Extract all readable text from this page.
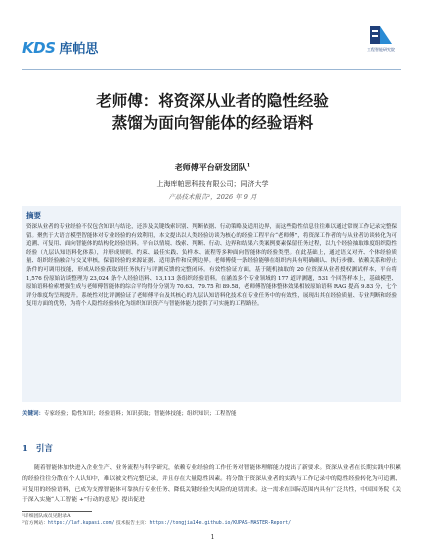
KDS 库帕思	工程智能研究院
老师傅：将资深从业者的隐性经验
蒸馏为面向智能体的经验语料
老师傅平台研发团队$^1$
上海库帕思科技有限公司；同济大学
产品技术报告²，2026 年 9 月
摘要

资深从业者的专业经验不仅包含知识与结论，还涉及关键线索识别、判断依据、行动策略及适用边界，而这些隐性信息往往难以通过常规工作记录完整保留。聚焦于大语言模型智能体对专业经验的有效利用，本文提出以人类经验访谈为核心的经验工程平台“老师傅”，将资深工作者的与从业者访谈转化为可追溯、可复用、面向智能体的结构化经验语料。平台以情境、线索、判断、行动、边界和结果六类案例要素保留任务过程，以九个经验抽取维度组织隐性经验（九层认知语料化体系），并形成规则、约束、最佳实践、负样本、流程等多种面向智能体的经验类型。在此基础上，通过语义对齐、个体经验质量、组织经验融合与交叉审核，保留经验的来源证据、适用条件和反例边界。老师傅使一条经验能够在组织内具有明确确认、执行步骤、依赖关系和停止条件的可调用技能，形成从经验获取到任务执行与评测反馈的完整闭环。有效性验证方面，基于随机抽取的 20 位资深从业者授权测试样本，平台将 1,576 份原始访谈整理为 23,024 条个人经验语料、13,113 条组织经验语料。在涵盖多个专业领域的 177 道评测题，531 个回答样本上，基础模型、原始语料检索增强生成与老师傅智能体的综合平均得分分别为 70.63、79.75 和 89.58，老师傅智能体整体效果相较原始语料 RAG 提高 9.83 分，七个评分维度均呈现提升。系统性对比评测验证了老师傅平台及其核心的九层认知语料化技术在专业任务中的有效性，展现出其在经验质量、专业判断和经验复用方面的优势，为将个人隐性经验转化为组织知识资产与智能体能力提供了可实施的工程路径。

关键词：专家经验；隐性知识；经验语料；知识获取；智能体技能；组织知识；工程智能
1 引言

随着智能体加快进入企业生产、业务流程与科学研究，依赖专业经验的工作任务对智能体理解能力提出了新要求。资深从业者在长期实践中积累的经验往往分散在个人认知中，难以被文档完整记录，并且存在大量隐性因素。将分散于资深从业者的实践与工作记录中的隐性经验转化为可追溯、可复用的经验语料，已成为支撑智能体可靠执行专业任务、降低关键经验失风险的迫切需求。这一需求在国际范围内具有广泛共性，中国国务院《关于深入实施“人工智能 +”行动的意见》提出促进

¹详细团队成员见附录A
²官方网站：https://laf.kupasi.com/ 技术报告主页：https://tongjia14e.github.io/KUPAS-MASTER-Report/
1
